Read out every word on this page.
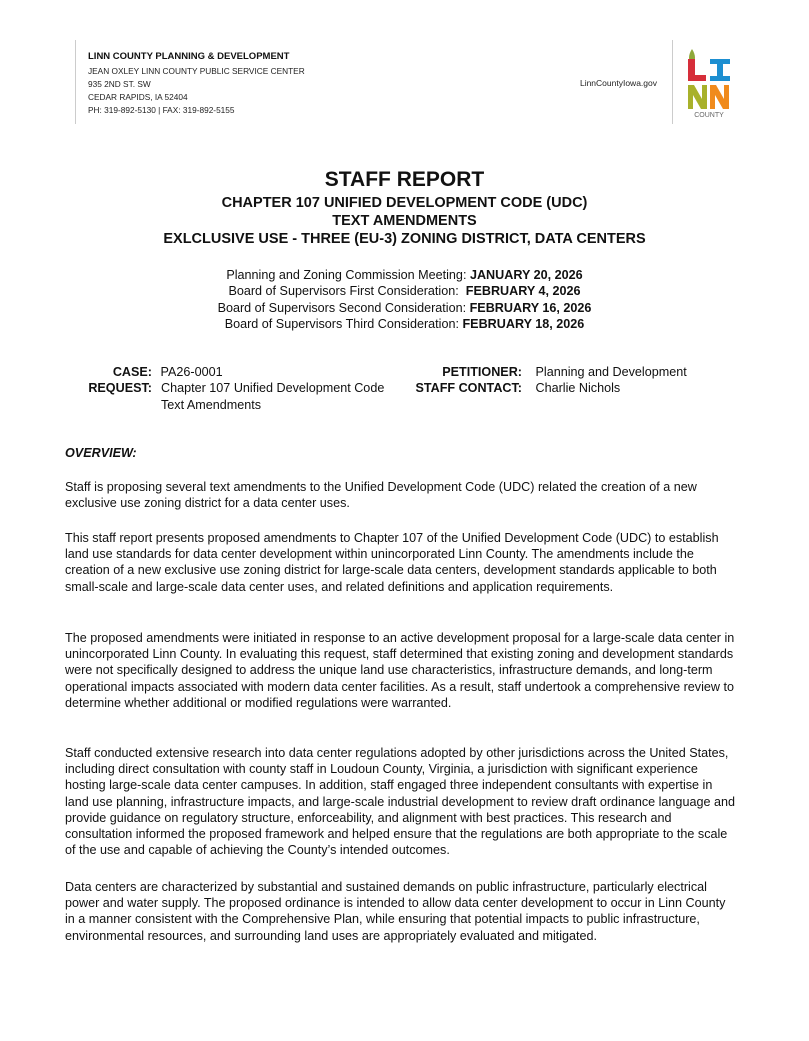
LINN COUNTY PLANNING & DEVELOPMENT
JEAN OXLEY LINN COUNTY PUBLIC SERVICE CENTER
935 2ND ST. SW
CEDAR RAPIDS, IA 52404
PH: 319-892-5130 | FAX: 319-892-5155
LinnCountyIowa.gov
COUNTY
STAFF REPORT
CHAPTER 107 UNIFIED DEVELOPMENT CODE (UDC)
TEXT AMENDMENTS
EXLCLUSIVE USE - THREE (EU-3) ZONING DISTRICT, DATA CENTERS
Planning and Zoning Commission Meeting: JANUARY 20, 2026
Board of Supervisors First Consideration:  FEBRUARY 4, 2026
Board of Supervisors Second Consideration: FEBRUARY 16, 2026
Board of Supervisors Third Consideration: FEBRUARY 18, 2026
CASE: PA26-0001
REQUEST: Chapter 107 Unified Development Code Text Amendments
PETITIONER: Planning and Development
STAFF CONTACT: Charlie Nichols
OVERVIEW:
Staff is proposing several text amendments to the Unified Development Code (UDC) related the creation of a new exclusive use zoning district for a data center uses.
This staff report presents proposed amendments to Chapter 107 of the Unified Development Code (UDC) to establish land use standards for data center development within unincorporated Linn County. The amendments include the creation of a new exclusive use zoning district for large-scale data centers, development standards applicable to both small-scale and large-scale data center uses, and related definitions and application requirements.
The proposed amendments were initiated in response to an active development proposal for a large-scale data center in unincorporated Linn County. In evaluating this request, staff determined that existing zoning and development standards were not specifically designed to address the unique land use characteristics, infrastructure demands, and long-term operational impacts associated with modern data center facilities. As a result, staff undertook a comprehensive review to determine whether additional or modified regulations were warranted.
Staff conducted extensive research into data center regulations adopted by other jurisdictions across the United States, including direct consultation with county staff in Loudoun County, Virginia, a jurisdiction with significant experience hosting large-scale data center campuses. In addition, staff engaged three independent consultants with expertise in land use planning, infrastructure impacts, and large-scale industrial development to review draft ordinance language and provide guidance on regulatory structure, enforceability, and alignment with best practices. This research and consultation informed the proposed framework and helped ensure that the regulations are both appropriate to the scale of the use and capable of achieving the County’s intended outcomes.
Data centers are characterized by substantial and sustained demands on public infrastructure, particularly electrical power and water supply. The proposed ordinance is intended to allow data center development to occur in Linn County in a manner consistent with the Comprehensive Plan, while ensuring that potential impacts to public infrastructure, environmental resources, and surrounding land uses are appropriately evaluated and mitigated.
